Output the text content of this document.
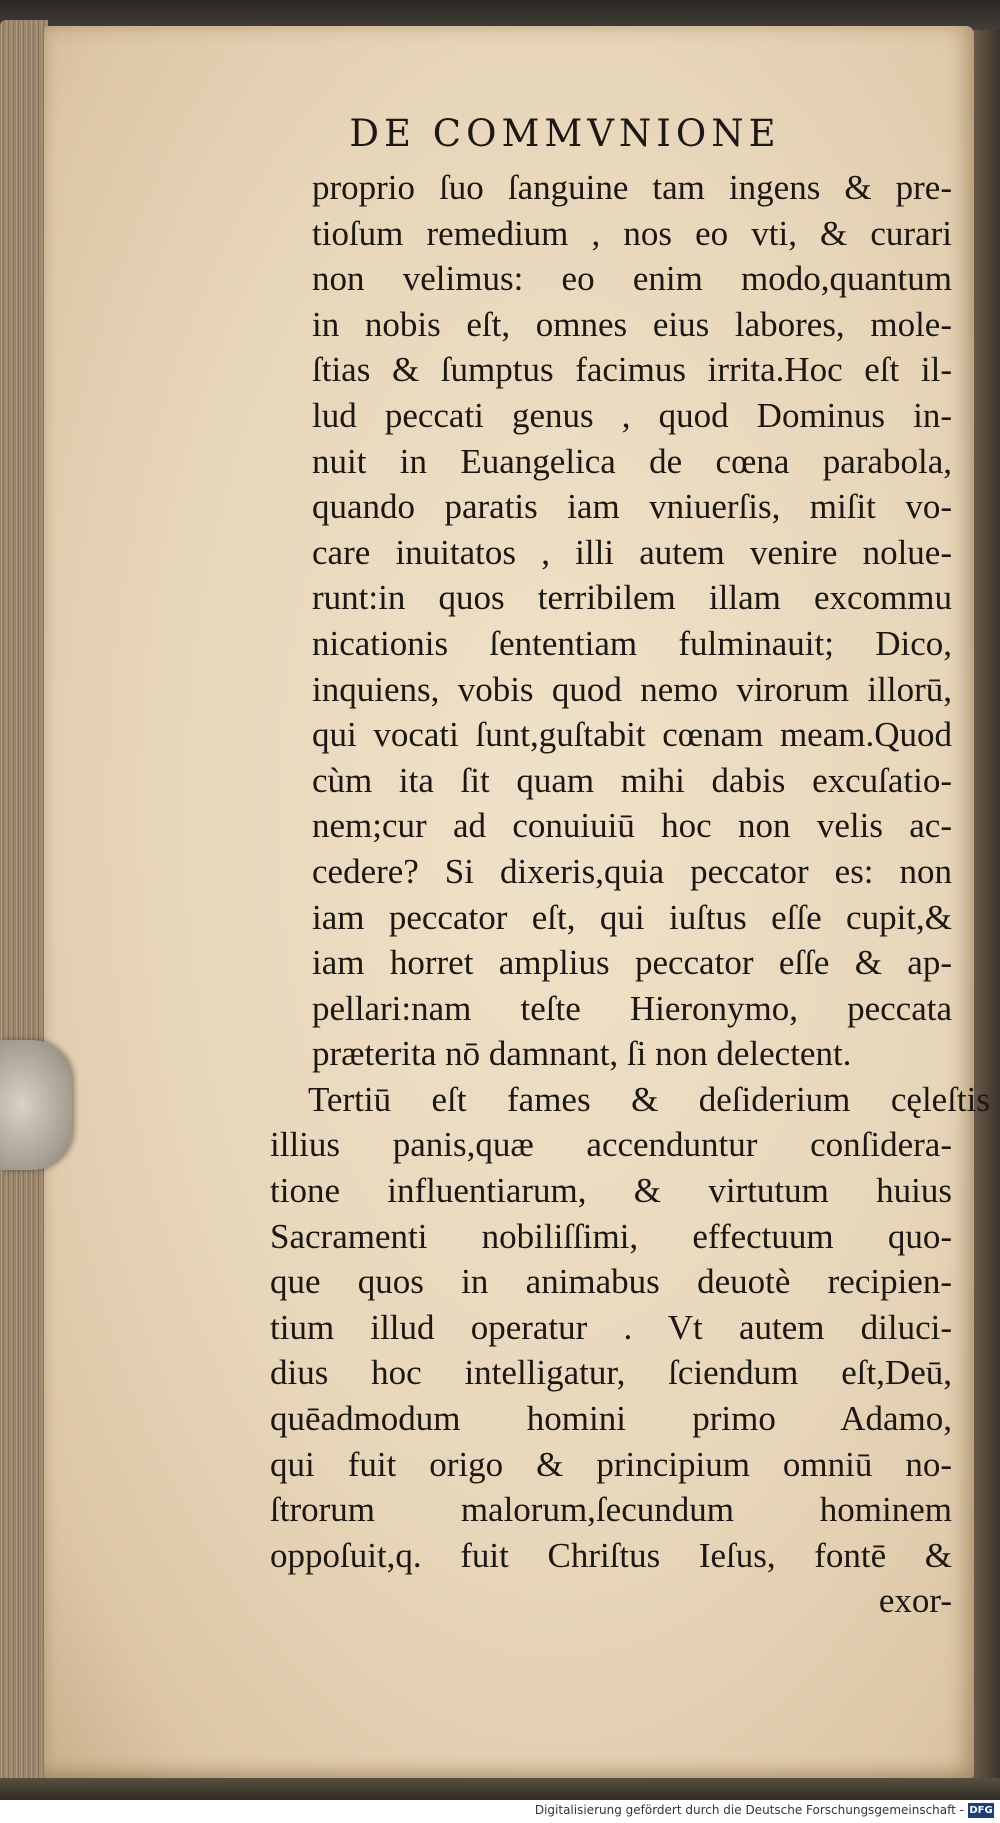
DE COMMVNIONE
proprio ſuo ſanguine tam ingens & pre-
tioſum remedium , nos eo vti, & curari
non velimus: eo enim modo,quantum
in nobis eſt, omnes eius labores, mole-
ſtias & ſumptus facimus irrita.Hoc eſt il-
lud peccati genus , quod Dominus in-
nuit in Euangelica de cœna parabola,
quando paratis iam vniuerſis, miſit vo-
care inuitatos , illi autem venire nolue-
runt:in quos terribilem illam excommu
nicationis ſententiam fulminauit; Dico,
inquiens, vobis quod nemo virorum illorū,
qui vocati ſunt,guſtabit cœnam meam.Quod
cùm ita ſit quam mihi dabis excuſatio-
nem;cur ad conuiuiū hoc non velis ac-
cedere? Si dixeris,quia peccator es: non
iam peccator eſt, qui iuſtus eſſe cupit,&
iam horret amplius peccator eſſe & ap-
pellari:nam teſte Hieronymo, peccata
præterita nō damnant, ſi non delectent.
Tertiū eſt fames & deſiderium cęleſtis
illius panis,quæ accenduntur conſidera-
tione influentiarum, & virtutum huius
Sacramenti nobiliſſimi, effectuum quo-
que quos in animabus deuotè recipien-
tium illud operatur . Vt autem diluci-
dius hoc intelligatur, ſciendum eſt,Deū,
quēadmodum homini primo Adamo,
qui fuit origo & principium omniū no-
ſtrorum malorum,ſecundum hominem
oppoſuit,q. fuit Chriſtus Ieſus, fontē &
exor-
Digitalisierung gefördert durch die Deutsche Forschungsgemeinschaft - DFG
